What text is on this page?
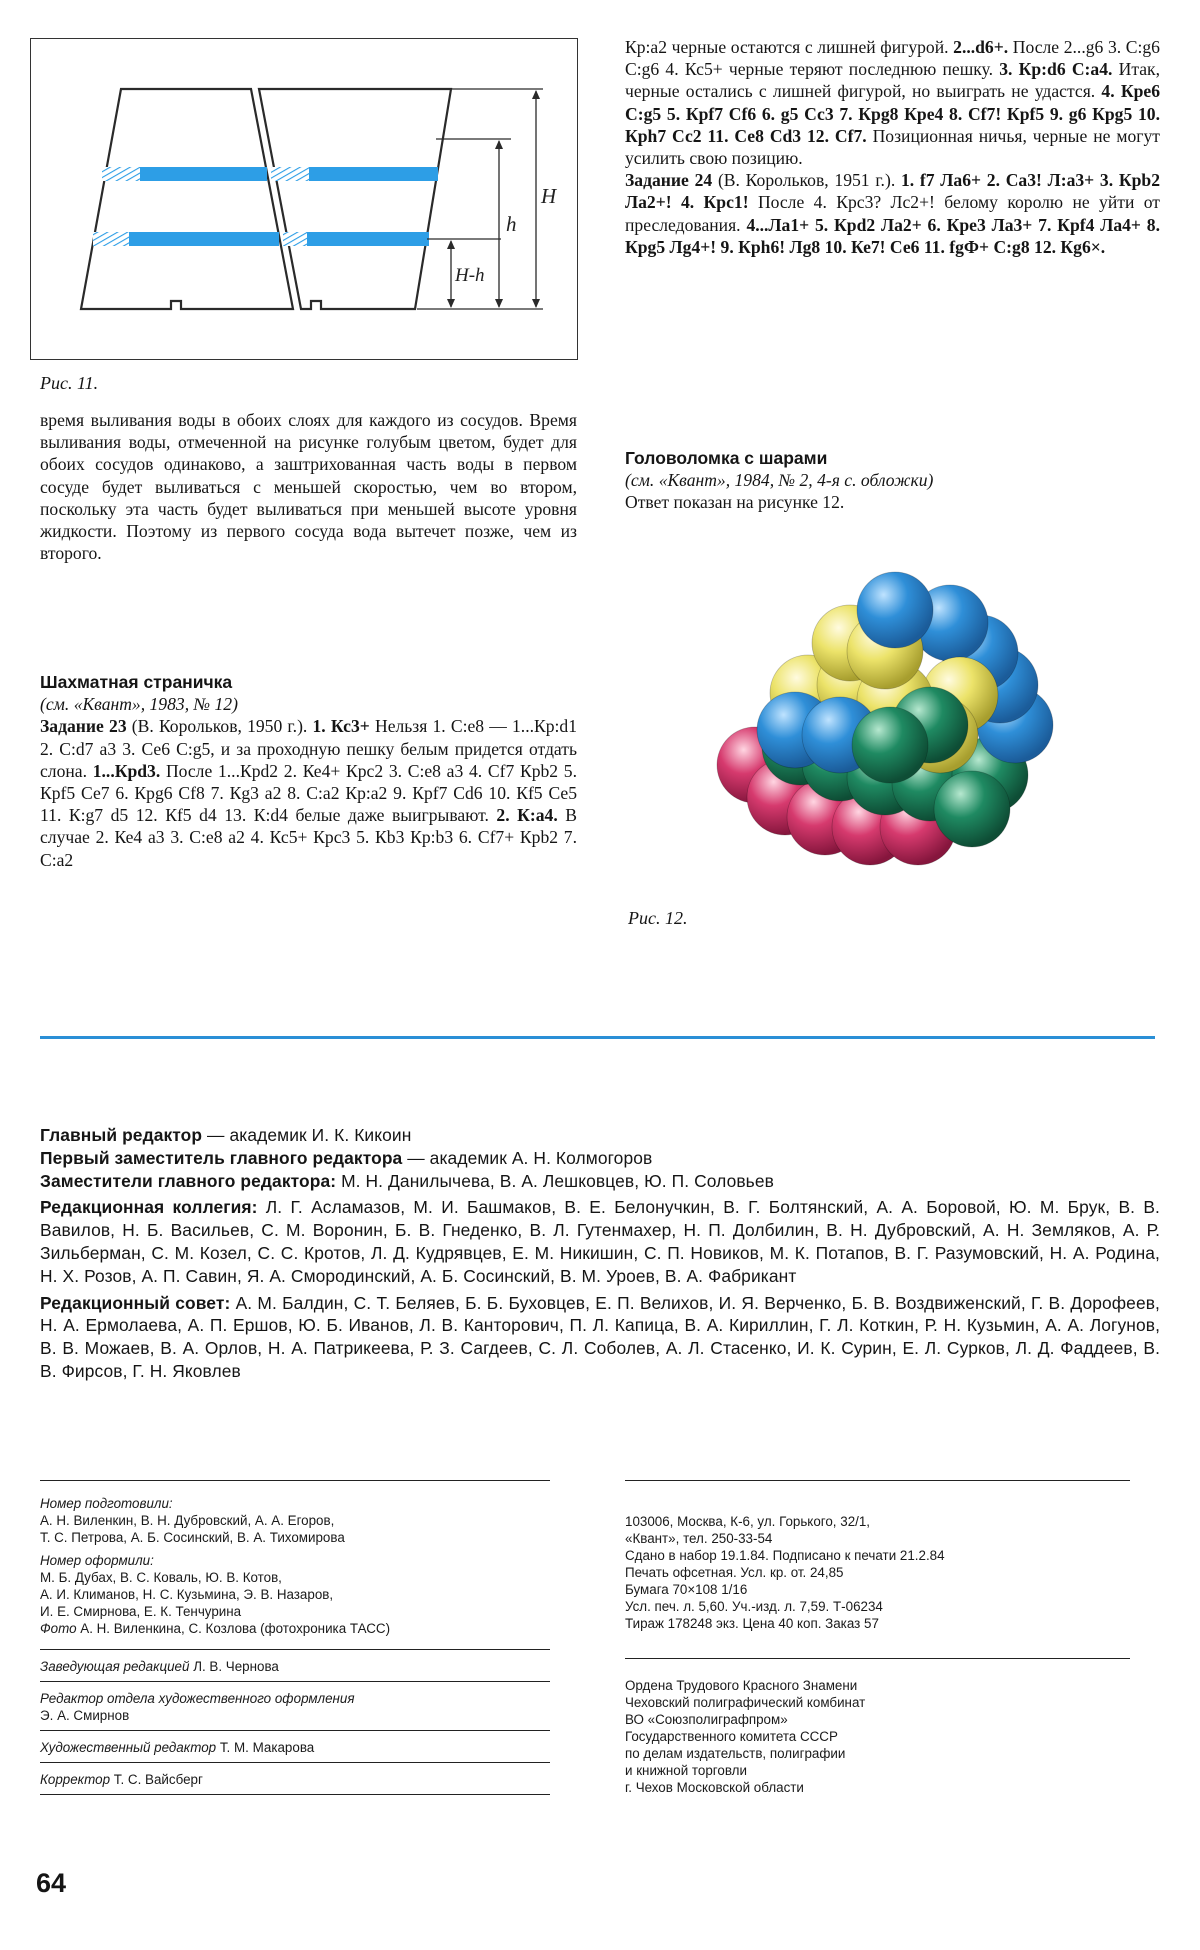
H
h
H-h
Рис. 11.

время выливания воды в обоих слоях для каждого из сосудов. Время выливания воды, отмеченной на рисунке голубым цветом, будет для обоих сосудов одинаково, а заштрихованная часть воды в первом сосуде будет выливаться с меньшей скоростью, чем во втором, поскольку эта часть будет выливаться при меньшей высоте уровня жидкости. Поэтому из первого сосуда вода вытечет позже, чем из второго.

Шахматная страничка

(см. «Квант», 1983, № 12)

Задание 23 (В. Корольков, 1950 г.). 1. Кс3+ Нельзя 1. С:е8 — 1...Кр:d1 2. С:d7 а3 3. Се6 С:g5, и за проходную пешку белым придется отдать слона. 1...Кpd3. После 1...Кpd2 2. Ке4+ Крс2 3. С:е8 а3 4. Сf7 Кpb2 5. Кpf5 Се7 6. Кpg6 Сf8 7. Кg3 а2 8. С:а2 Кр:а2 9. Кpf7 Сd6 10. Кf5 Се5 11. К:g7 d5 12. Кf5 d4 13. К:d4 белые даже выигрывают. 2. К:а4. В случае 2. Ке4 а3 3. С:е8 а2 4. Кс5+ Крс3 5. Кb3 Кр:b3 6. Сf7+ Кpb2 7. С:а2

Кр:а2 черные остаются с лишней фигурой. 2...d6+. После 2...g6 3. С:g6 С:g6 4. Кс5+ черные теряют последнюю пешку. 3. Кр:d6 С:а4. Итак, черные остались с лишней фигурой, но выиграть не удастся. 4. Кре6 С:g5 5. Кpf7 Сf6 6. g5 Сс3 7. Кpg8 Кре4 8. Сf7! Кpf5 9. g6 Кpg5 10. Кph7 Сс2 11. Се8 Сd3 12. Сf7. Позиционная ничья, черные не могут усилить свою позицию.

Задание 24 (В. Корольков, 1951 г.). 1. f7 Ла6+ 2. Са3! Л:а3+ 3. Кpb2 Ла2+! 4. Кpc1! После 4. Крс3? Лс2+! белому королю не уйти от преследования. 4...Ла1+ 5. Кpd2 Ла2+ 6. Кре3 Ла3+ 7. Кpf4 Ла4+ 8. Кpg5 Лg4+! 9. Кph6! Лg8 10. Ке7! Се6 11. fgФ+ С:g8 12. Кg6×.

Головоломка с шарами

(см. «Квант», 1984, № 2, 4-я с. обложки)

Ответ показан на рисунке 12.

Рис. 12.

Главный редактор — академик И. К. Кикоин

Первый заместитель главного редактора — академик А. Н. Колмогоров

Заместители главного редактора: М. Н. Данилычева, В. А. Лешковцев, Ю. П. Соловьев

Редакционная коллегия: Л. Г. Асламазов, М. И. Башмаков, В. Е. Белонучкин, В. Г. Болтянский, А. А. Боровой, Ю. М. Брук, В. В. Вавилов, Н. Б. Васильев, С. М. Воронин, Б. В. Гнеденко, В. Л. Гутенмахер, Н. П. Долбилин, В. Н. Дубровский, А. Н. Земляков, А. Р. Зильберман, С. М. Козел, С. С. Кротов, Л. Д. Кудрявцев, Е. М. Никишин, С. П. Новиков, М. К. Потапов, В. Г. Разумовский, Н. А. Родина, Н. Х. Розов, А. П. Савин, Я. А. Смородинский, А. Б. Сосинский, В. М. Уроев, В. А. Фабрикант

Редакционный совет: А. М. Балдин, С. Т. Беляев, Б. Б. Буховцев, Е. П. Велихов, И. Я. Верченко, Б. В. Воздвиженский, Г. В. Дорофеев, Н. А. Ермолаева, А. П. Ершов, Ю. Б. Иванов, Л. В. Канторович, П. Л. Капица, В. А. Кириллин, Г. Л. Коткин, Р. Н. Кузьмин, А. А. Логунов, В. В. Можаев, В. А. Орлов, Н. А. Патрикеева, Р. З. Сагдеев, С. Л. Соболев, А. Л. Стасенко, И. К. Сурин, Е. Л. Сурков, Л. Д. Фаддеев, В. В. Фирсов, Г. Н. Яковлев

Номер подготовили:

А. Н. Виленкин, В. Н. Дубровский, А. А. Егоров,

Т. С. Петрова, А. Б. Сосинский, В. А. Тихомирова

Номер оформили:

М. Б. Дубах, В. С. Коваль, Ю. В. Котов,

А. И. Климанов, Н. С. Кузьмина, Э. В. Назаров,

И. Е. Смирнова, Е. К. Тенчурина

Фото А. Н. Виленкина, С. Козлова (фотохроника ТАСС)

Заведующая редакцией Л. В. Чернова

Редактор отдела художественного оформления

Э. А. Смирнов

Художественный редактор Т. М. Макарова

Корректор Т. С. Вайсберг

103006, Москва, К-6, ул. Горького, 32/1,

«Квант», тел. 250-33-54

Сдано в набор 19.1.84. Подписано к печати 21.2.84

Печать офсетная. Усл. кр. от. 24,85

Бумага 70×108 1/16

Усл. печ. л. 5,60. Уч.-изд. л. 7,59. Т-06234

Тираж 178248 экз. Цена 40 коп. Заказ 57

Ордена Трудового Красного Знамени

Чеховский полиграфический комбинат

ВО «Союзполиграфпром»

Государственного комитета СССР

по делам издательств, полиграфии

и книжной торговли

г. Чехов Московской области

64
